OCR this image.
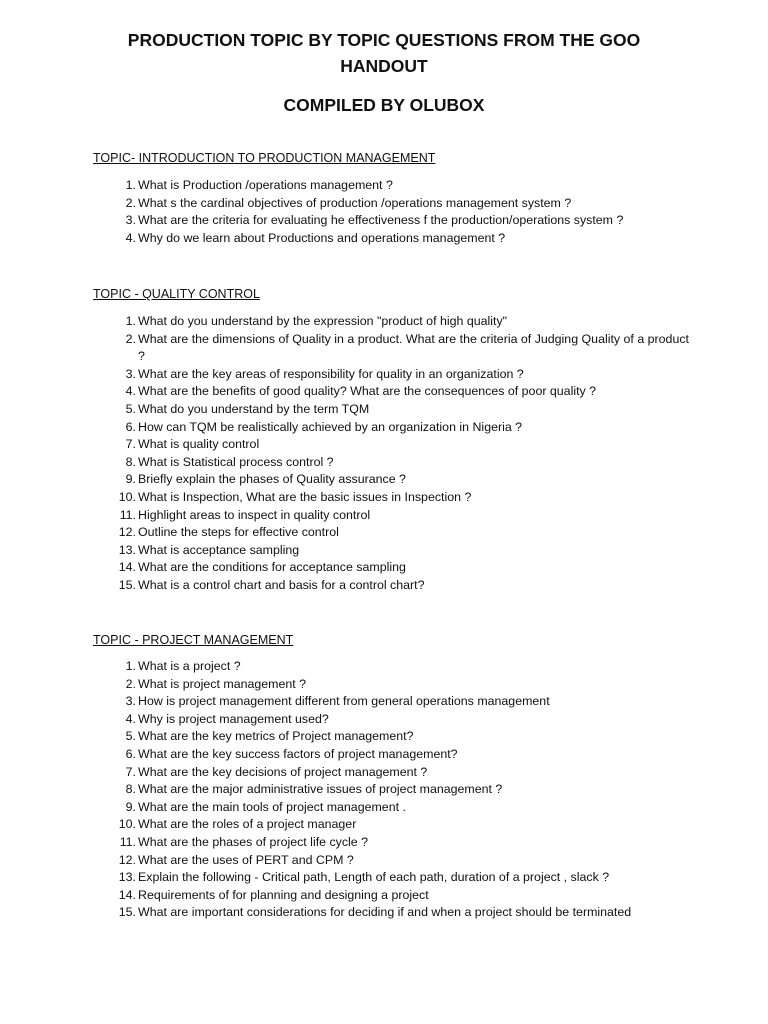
PRODUCTION TOPIC BY TOPIC QUESTIONS FROM THE GOO HANDOUT
COMPILED BY OLUBOX
TOPIC- INTRODUCTION TO PRODUCTION MANAGEMENT
1. What is Production /operations management ?
2. What s the cardinal objectives of production /operations management system ?
3. What are the criteria for evaluating he effectiveness f the production/operations system ?
4. Why do we learn about Productions and operations management ?
TOPIC - QUALITY CONTROL
1. What do you understand by the expression "product of high quality"
2. What are the dimensions of Quality in a product. What are the criteria of Judging Quality of a product ?
3. What are the key areas of responsibility for quality in an organization ?
4. What are the benefits of good quality? What are the consequences of poor quality ?
5. What do you understand by the term TQM
6. How can TQM be realistically achieved by an organization in Nigeria ?
7. What is quality control
8. What is Statistical process control ?
9. Briefly explain the phases of Quality assurance ?
10. What is Inspection, What are the basic issues in Inspection ?
11. Highlight areas to inspect in quality control
12. Outline the steps for effective control
13. What is acceptance sampling
14. What are the conditions for acceptance sampling
15. What is a control chart and basis for a control chart?
TOPIC - PROJECT MANAGEMENT
1. What is a project ?
2. What is project management ?
3. How is project management different from general operations management
4. Why is project management used?
5. What are the key metrics of Project management?
6. What are the key success factors of project management?
7. What are the key decisions of project management ?
8. What are the major administrative issues of project management ?
9. What are the main tools of project management .
10. What are the roles of a project manager
11. What are the phases of project life cycle ?
12. What are the uses of PERT and CPM ?
13. Explain the following - Critical path, Length of each path, duration of a project , slack ?
14. Requirements of for planning and designing a project
15. What are important considerations for deciding if and when a project should be terminated
